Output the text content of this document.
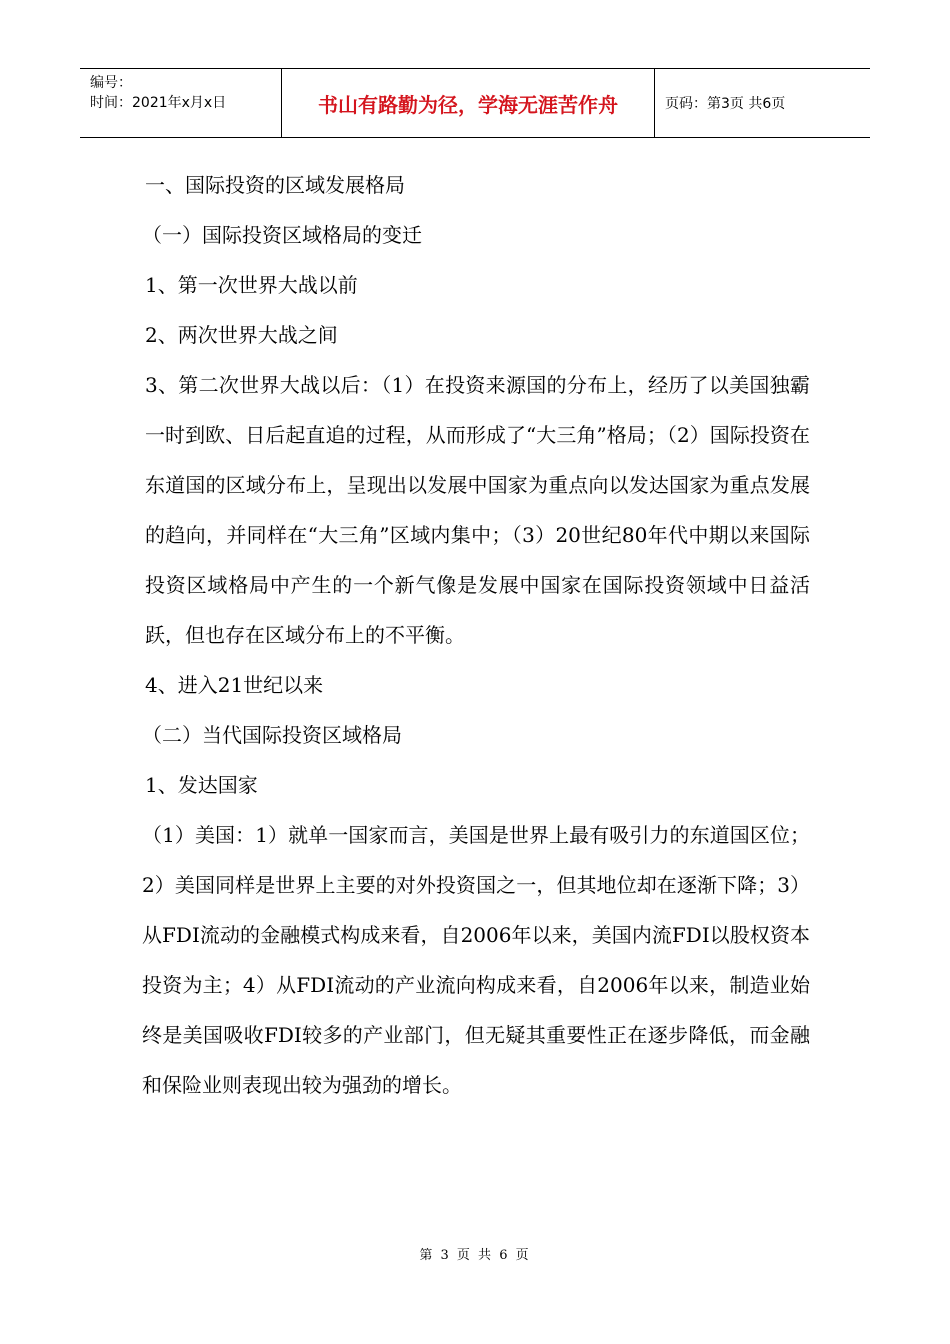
编号：
时间：2021年x月x日	书山有路勤为径，学海无涯苦作舟	页码：第3页 共6页

一、国际投资的区域发展格局

（一）国际投资区域格局的变迁

1、第一次世界大战以前

2、两次世界大战之间

3、第二次世界大战以后：（1）在投资来源国的分布上，经历了以美国独霸一时到欧、日后起直追的过程，从而形成了“大三角”格局；（2）国际投资在东道国的区域分布上，呈现出以发展中国家为重点向以发达国家为重点发展的趋向，并同样在“大三角”区域内集中；（3）20世纪80年代中期以来国际投资区域格局中产生的一个新气像是发展中国家在国际投资领域中日益活跃，但也存在区域分布上的不平衡。

4、进入21世纪以来

（二）当代国际投资区域格局

1、发达国家

（1）美国：1）就单一国家而言，美国是世界上最有吸引力的东道国区位；2）美国同样是世界上主要的对外投资国之一，但其地位却在逐渐下降；3）从FDI流动的金融模式构成来看，自2006年以来，美国内流FDI以股权资本投资为主；4）从FDI流动的产业流向构成来看，自2006年以来，制造业始终是美国吸收FDI较多的产业部门，但无疑其重要性正在逐步降低，而金融和保险业则表现出较为强劲的增长。

第 3 页 共 6 页
